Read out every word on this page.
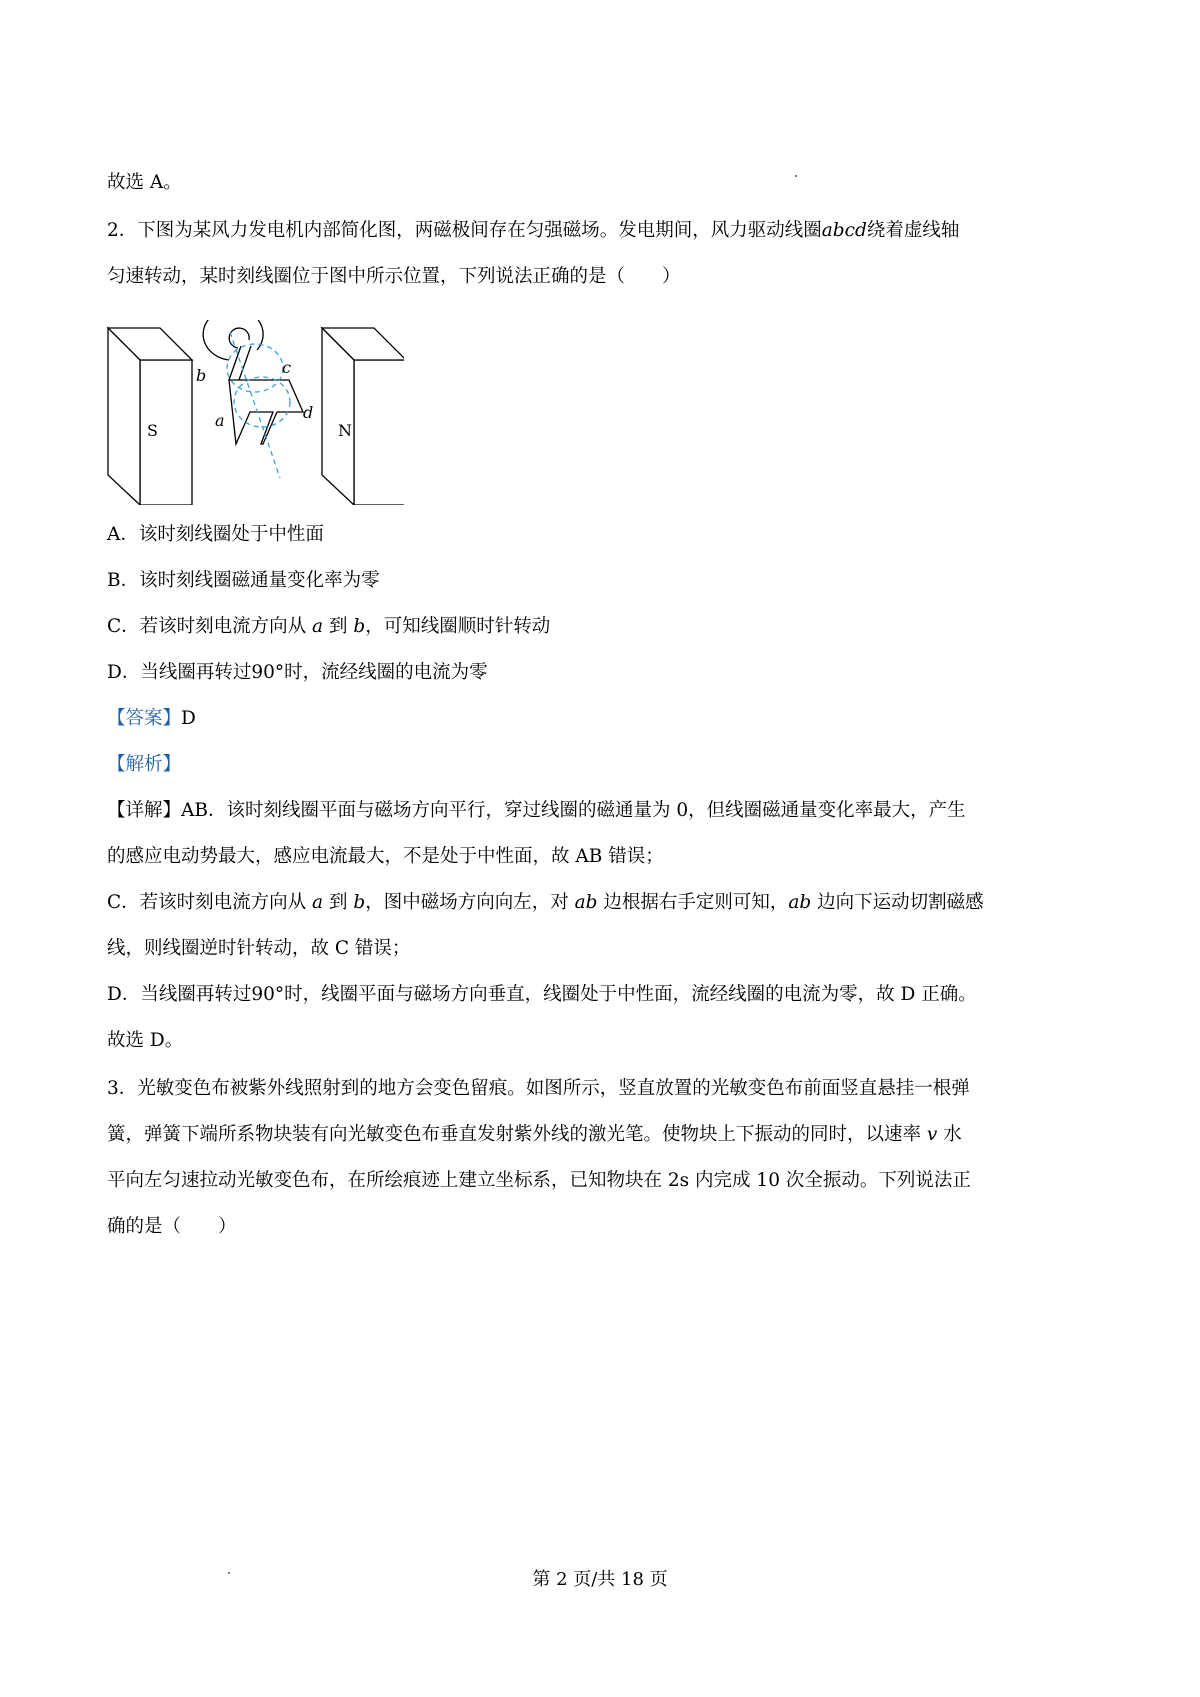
故选 A。
2．下图为某风力发电机内部简化图，两磁极间存在匀强磁场。发电期间，风力驱动线圈abcd绕着虚线轴
匀速转动，某时刻线圈位于图中所示位置，下列说法正确的是（　　）
S	N
b	c
a	d
A．该时刻线圈处于中性面
B．该时刻线圈磁通量变化率为零
C．若该时刻电流方向从 a 到 b，可知线圈顺时针转动
D．当线圈再转过90°时，流经线圈的电流为零
【答案】D
【解析】
【详解】AB．该时刻线圈平面与磁场方向平行，穿过线圈的磁通量为 0，但线圈磁通量变化率最大，产生
的感应电动势最大，感应电流最大，不是处于中性面，故 AB 错误；
C．若该时刻电流方向从 a 到 b，图中磁场方向向左，对 ab 边根据右手定则可知，ab 边向下运动切割磁感
线，则线圈逆时针转动，故 C 错误；
D．当线圈再转过90°时，线圈平面与磁场方向垂直，线圈处于中性面，流经线圈的电流为零，故 D 正确。
故选 D。
3．光敏变色布被紫外线照射到的地方会变色留痕。如图所示，竖直放置的光敏变色布前面竖直悬挂一根弹
簧，弹簧下端所系物块装有向光敏变色布垂直发射紫外线的激光笔。使物块上下振动的同时，以速率 v 水
平向左匀速拉动光敏变色布，在所绘痕迹上建立坐标系，已知物块在 2s 内完成 10 次全振动。下列说法正
确的是（　　）
第 2 页/共 18 页
